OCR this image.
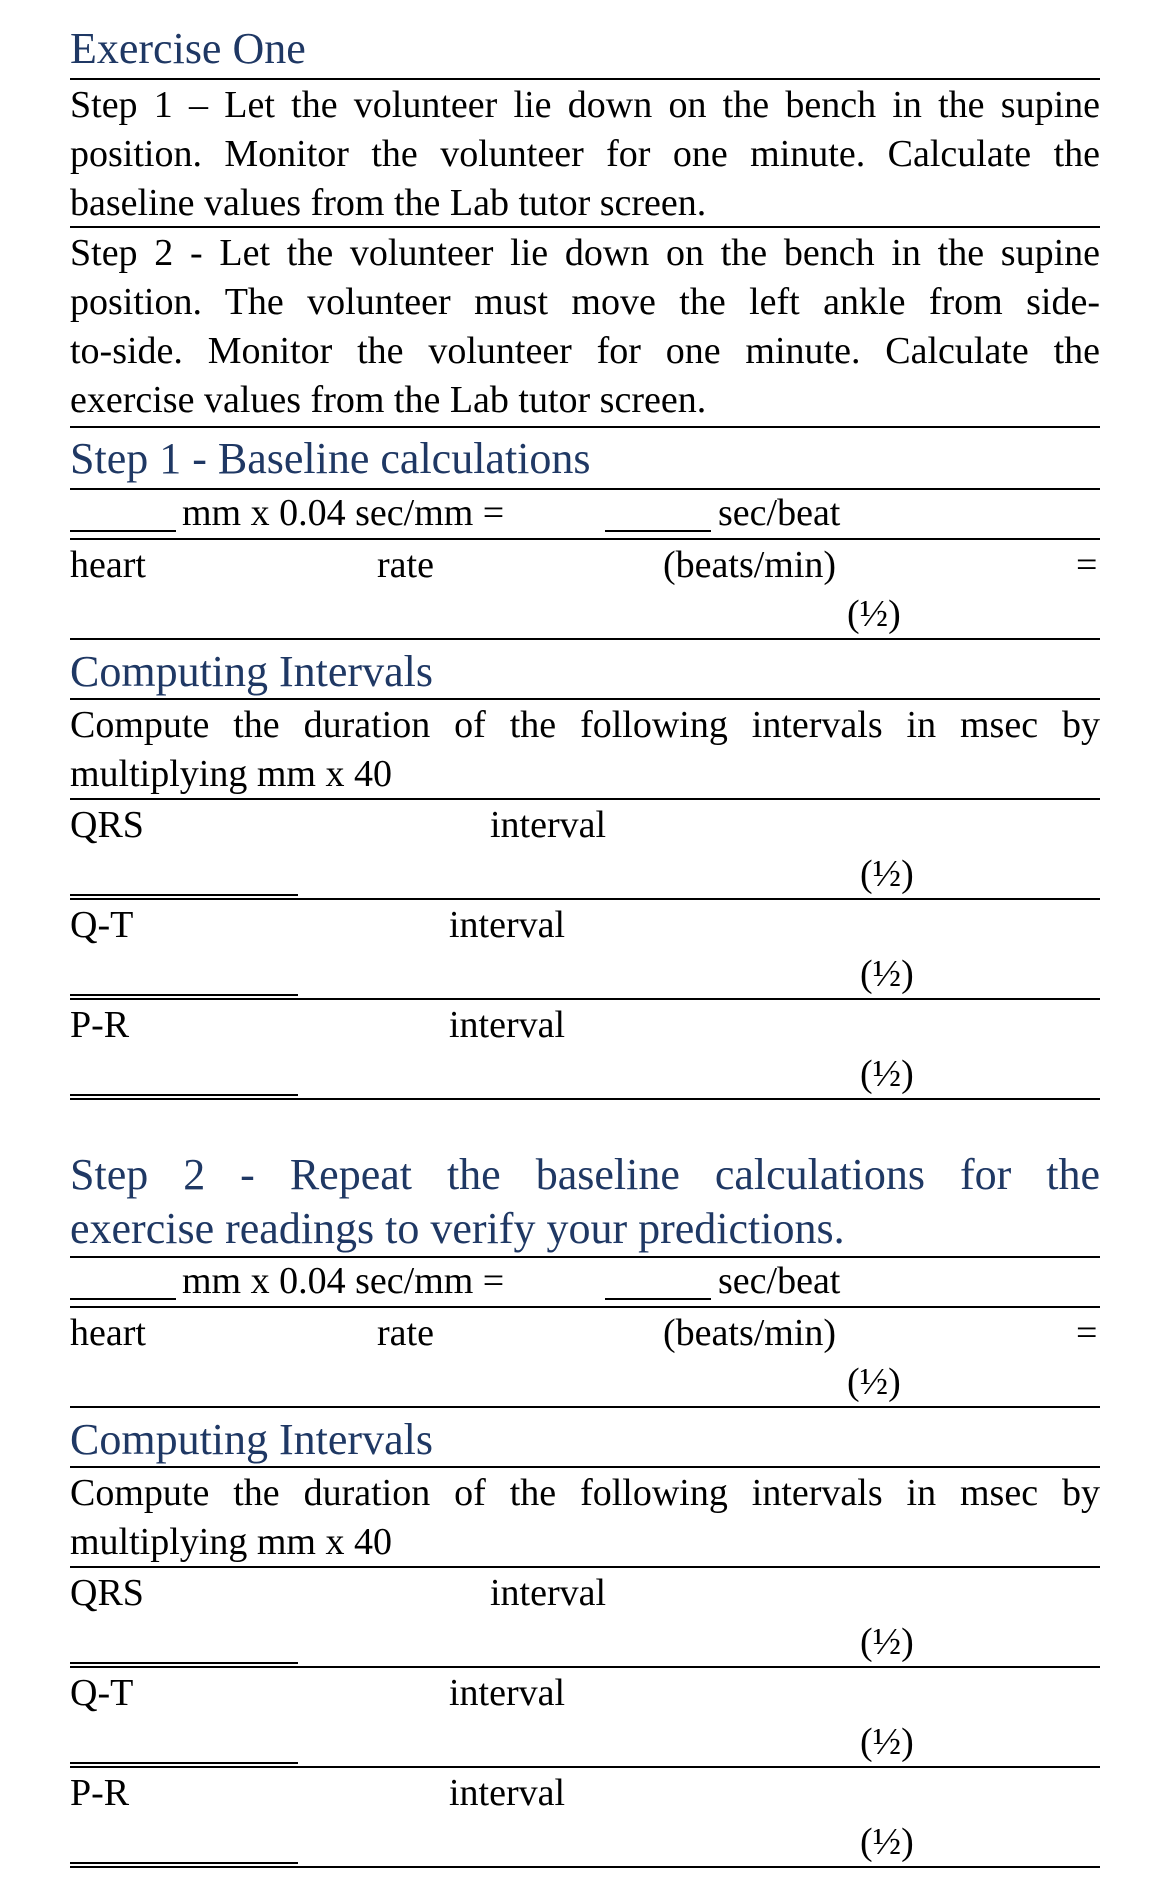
Exercise One
Step 1 – Let the volunteer lie down on the bench in the supine
position. Monitor the volunteer for one minute. Calculate the
baseline values from the Lab tutor screen.
Step 2 - Let the volunteer lie down on the bench in the supine
position. The volunteer must move the left ankle from side-
to-side. Monitor the volunteer for one minute. Calculate the
exercise values from the Lab tutor screen.
Step 1 - Baseline calculations
mm x 0.04 sec/mm =	sec/beat
heart	rate	(beats/min)	=
(½)
Computing Intervals
Compute the duration of the following intervals in msec by
multiplying mm x 40
QRS	interval
(½)
Q-T	interval
(½)
P-R	interval
(½)
Step 2 - Repeat the baseline calculations for the
exercise readings to verify your predictions.
mm x 0.04 sec/mm =	sec/beat
heart	rate	(beats/min)	=
(½)
Computing Intervals
Compute the duration of the following intervals in msec by
multiplying mm x 40
QRS	interval
(½)
Q-T	interval
(½)
P-R	interval
(½)
